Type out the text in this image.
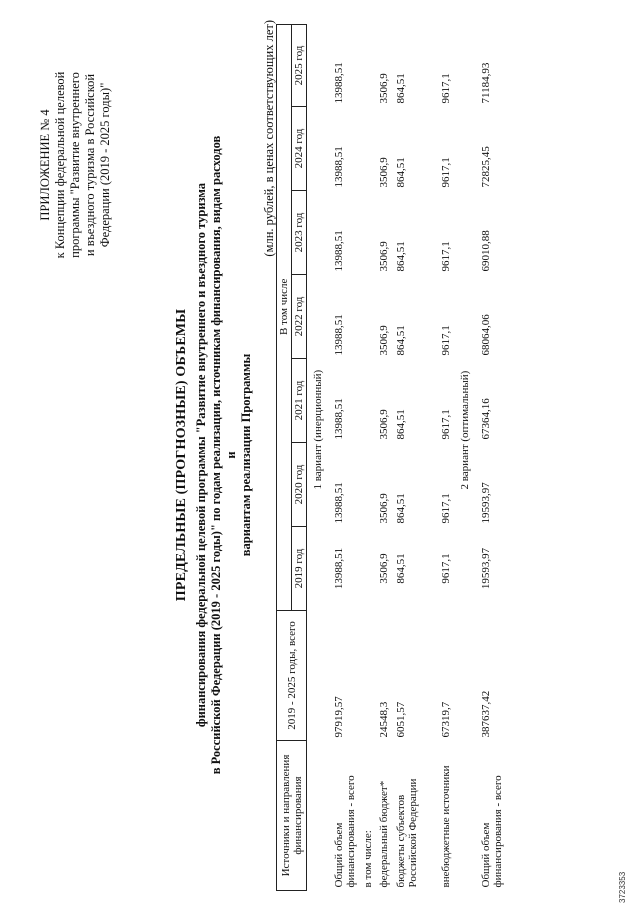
ПРИЛОЖЕНИЕ № 4 к Концепции федеральной целевой программы "Развитие внутреннего и въездного туризма в Российской Федерации (2019 - 2025 годы)"
ПРЕДЕЛЬНЫЕ (ПРОГНОЗНЫЕ) ОБЪЕМЫ финансирования федеральной целевой программы "Развитие внутреннего и въездного туризма в Российской Федерации (2019 - 2025 годы)" по годам реализации, источникам финансирования, видам расходов и вариантам реализации Программы
(млн. рублей, в ценах соответствующих лет)
Источники и направления финансирования	2019 - 2025 годы, всего	В том числе						
		2019 год	2020 год	2021 год	2022 год	2023 год	2024 год	2025 год
1 вариант (инерционный)								
Общий объем финансирования - всего	97919,57	13988,51	13988,51	13988,51	13988,51	13988,51	13988,51	13988,51
в том числе:								
федеральный бюджет*	24548,3	3506,9	3506,9	3506,9	3506,9	3506,9	3506,9	3506,9
бюджеты субъектов Российской Федерации	6051,57	864,51	864,51	864,51	864,51	864,51	864,51	864,51

внебюджетные источники	67319,7	9617,1	9617,1	9617,1	9617,1	9617,1	9617,1	9617,1
2 вариант (оптимальный)								
Общий объем финансирования - всего	387637,42	19593,97	19593,97	67364,16	68064,06	69010,88	72825,45	71184,93
3723353
